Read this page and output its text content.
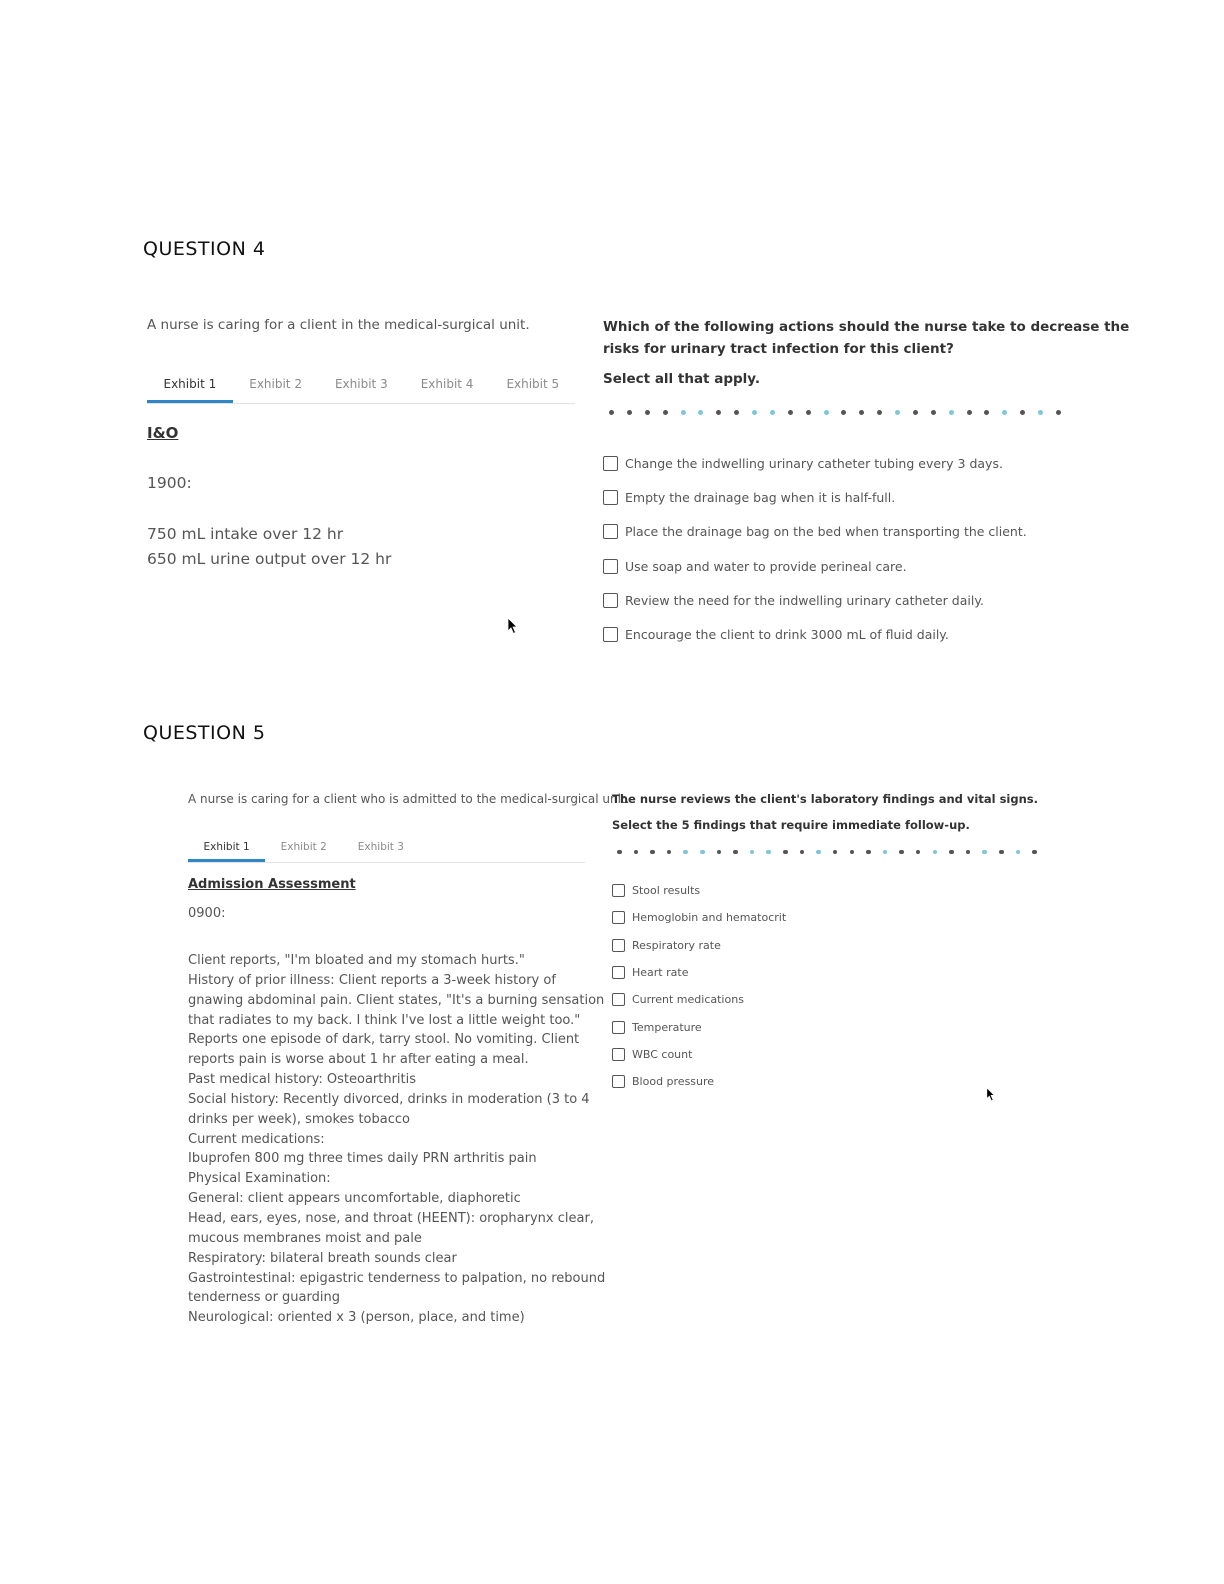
QUESTION 4
A nurse is caring for a client in the medical-surgical unit.
Exhibit 1	Exhibit 2	Exhibit 3	Exhibit 4	Exhibit 5
I&O
1900:
750 mL intake over 12 hr
650 mL urine output over 12 hr
Which of the following actions should the nurse take to decrease the
risks for urinary tract infection for this client?
Select all that apply.
Change the indwelling urinary catheter tubing every 3 days.
Empty the drainage bag when it is half-full.
Place the drainage bag on the bed when transporting the client.
Use soap and water to provide perineal care.
Review the need for the indwelling urinary catheter daily.
Encourage the client to drink 3000 mL of fluid daily.
QUESTION 5
A nurse is caring for a client who is admitted to the medical-surgical unit.
Exhibit 1	Exhibit 2	Exhibit 3
Admission Assessment
0900:
Client reports, "I'm bloated and my stomach hurts."
History of prior illness: Client reports a 3-week history of
gnawing abdominal pain. Client states, "It's a burning sensation
that radiates to my back. I think I've lost a little weight too."
Reports one episode of dark, tarry stool. No vomiting. Client
reports pain is worse about 1 hr after eating a meal.
Past medical history: Osteoarthritis
Social history: Recently divorced, drinks in moderation (3 to 4
drinks per week), smokes tobacco
Current medications:
Ibuprofen 800 mg three times daily PRN arthritis pain
Physical Examination:
General: client appears uncomfortable, diaphoretic
Head, ears, eyes, nose, and throat (HEENT): oropharynx clear,
mucous membranes moist and pale
Respiratory: bilateral breath sounds clear
Gastrointestinal: epigastric tenderness to palpation, no rebound
tenderness or guarding
Neurological: oriented x 3 (person, place, and time)
The nurse reviews the client's laboratory findings and vital signs.
Select the 5 findings that require immediate follow-up.
Stool results
Hemoglobin and hematocrit
Respiratory rate
Heart rate
Current medications
Temperature
WBC count
Blood pressure
